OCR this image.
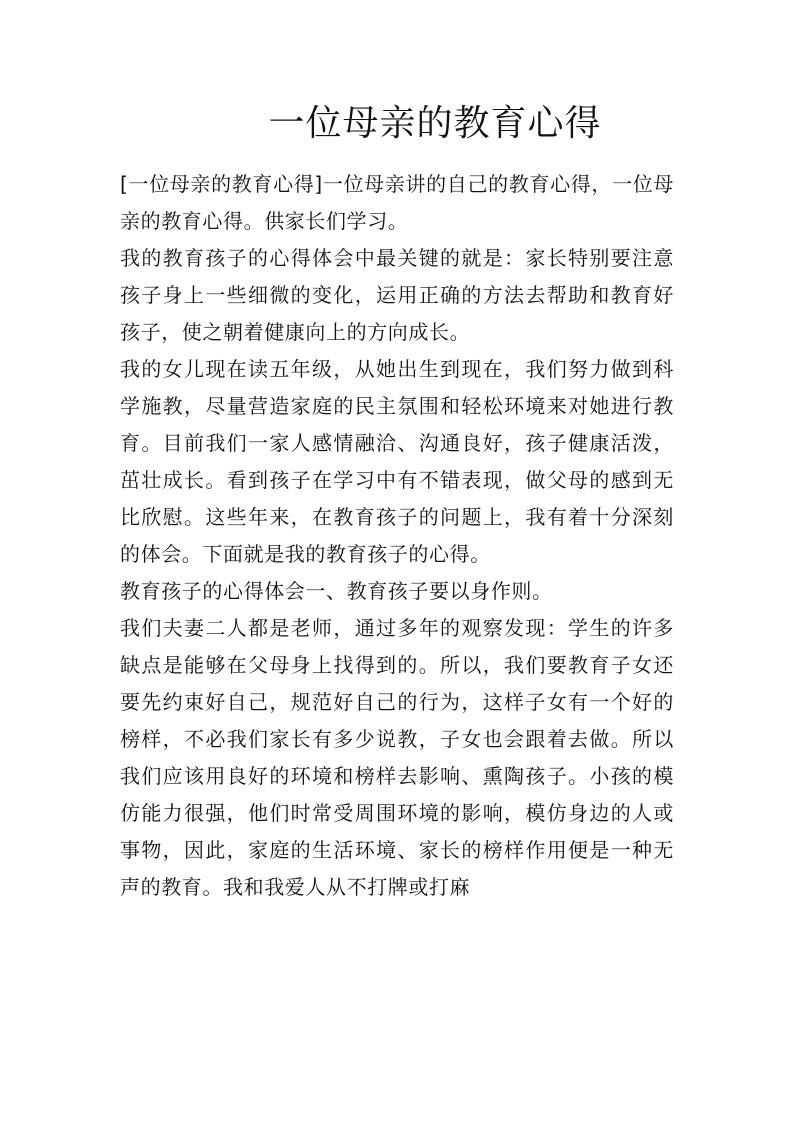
一位母亲的教育心得

[一位母亲的教育心得]一位母亲讲的自己的教育心得，一位母亲的教育心得。供家长们学习。

我的教育孩子的心得体会中最关键的就是：家长特别要注意孩子身上一些细微的变化，运用正确的方法去帮助和教育好孩子，使之朝着健康向上的方向成长。

我的女儿现在读五年级，从她出生到现在，我们努力做到科学施教，尽量营造家庭的民主氛围和轻松环境来对她进行教育。目前我们一家人感情融洽、沟通良好，孩子健康活泼，茁壮成长。看到孩子在学习中有不错表现，做父母的感到无比欣慰。这些年来，在教育孩子的问题上，我有着十分深刻的体会。下面就是我的教育孩子的心得。

教育孩子的心得体会一、教育孩子要以身作则。

我们夫妻二人都是老师，通过多年的观察发现：学生的许多缺点是能够在父母身上找得到的。所以，我们要教育子女还要先约束好自己，规范好自己的行为，这样子女有一个好的榜样，不必我们家长有多少说教，子女也会跟着去做。所以我们应该用良好的环境和榜样去影响、熏陶孩子。小孩的模仿能力很强，他们时常受周围环境的影响，模仿身边的人或事物，因此，家庭的生活环境、家长的榜样作用便是一种无声的教育。我和我爱人从不打牌或打麻
